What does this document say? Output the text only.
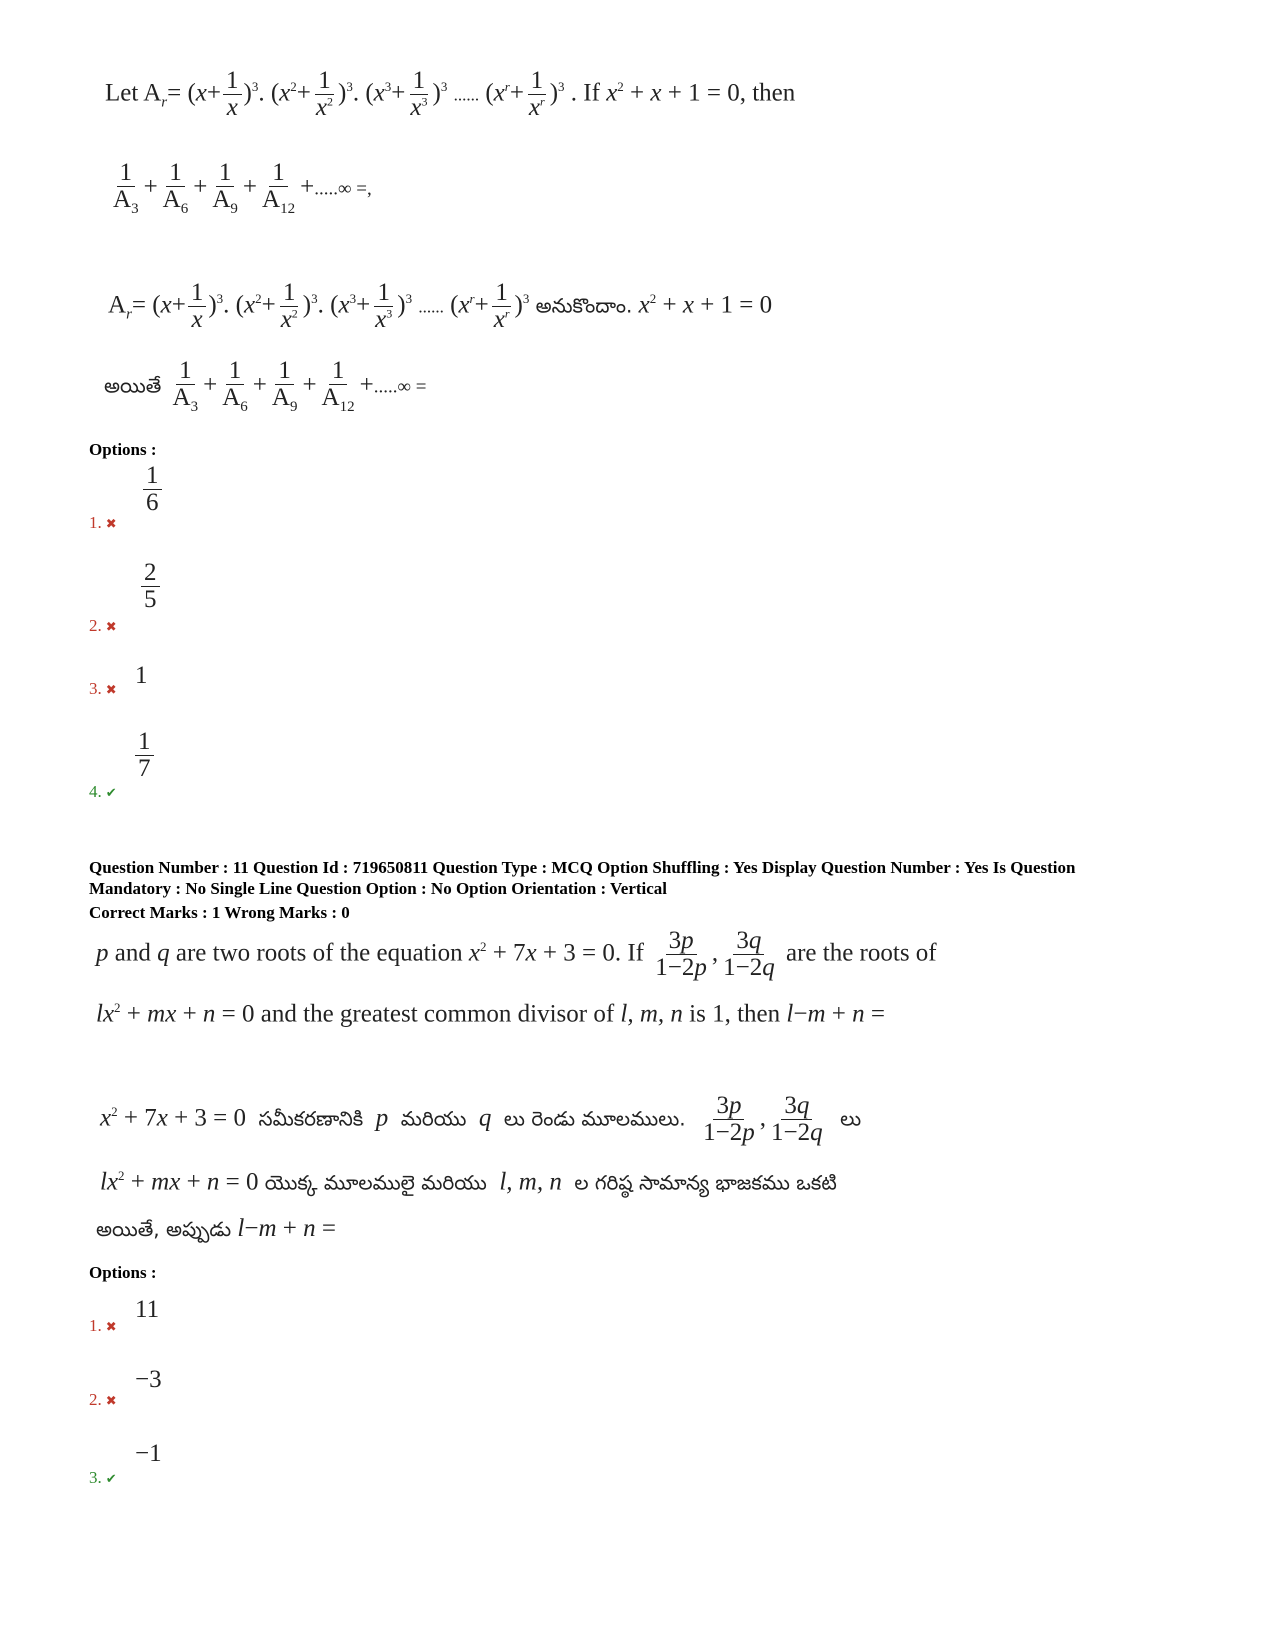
Let $A_r= (x+ \frac{1}{x} )^3$. $(x^2+ \frac{1}{x^2} )^3$. $(x^3+ \frac{1}{x^3} )^3$ ...... $(x^r+ \frac{1}{x^r} )^3$ . If $x^2 + x + 1 = 0$, then
$\frac{1}{A_3} + \frac{1}{A_6} + \frac{1}{A_9} + \frac{1}{A_{12}}$ +.....∞ =,
$A_r= (x+ \frac{1}{x} )^3$. $(x^2+ \frac{1}{x^2} )^3$. $(x^3+ \frac{1}{x^3} )^3$ ...... $(x^r+ \frac{1}{x^r} )^3$ అనుకొందాం. $x^2 + x + 1 = 0$
అయితే $\frac{1}{A_3} + \frac{1}{A_6} + \frac{1}{A_9} + \frac{1}{A_{12}}$ +.....∞ =
Options :
1. ✖
$\frac{1}{6}$
2. ✖
$\frac{2}{5}$
3. ✖
1
4. ✔
$\frac{1}{7}$
Question Number : 11 Question Id : 719650811 Question Type : MCQ Option Shuffling : Yes Display Question Number : Yes Is Question
Mandatory : No Single Line Question Option : No Option Orientation : Vertical
Correct Marks : 1 Wrong Marks : 0
p and q are two roots of the equation $x^2 + 7x + 3 = 0$. If $\frac{3p}{1-2p}$ , $\frac{3q}{1-2q}$ are the roots of
$lx^2$ + mx + n = 0 and the greatest common divisor of l, m, n is 1, then l−m + n =
$x^2 + 7x + 3 = 0$  సమీకరణానికి p మరియు q లు రెండు మూలములు. $\frac{3p}{1-2p}$ , $\frac{3q}{1-2q}$ లు
$lx^2$ + mx + n = 0 యొక్క మూలములై మరియు l, m, n ల గరిష్ఠ సామాన్య భాజకము ఒకటి
అయితే, అప్పుడు l−m + n =
Options :
1. ✖
11
2. ✖
−3
3. ✔
−1
